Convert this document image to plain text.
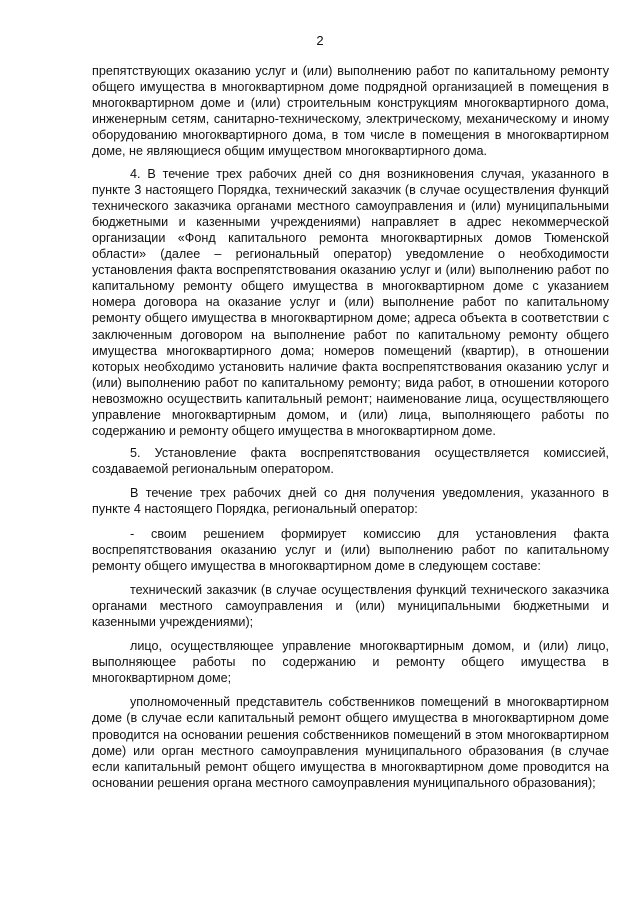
2

препятствующих оказанию услуг и (или) выполнению работ по капитальному ремонту общего имущества в многоквартирном доме подрядной организацией в помещения в многоквартирном доме и (или) строительным конструкциям многоквартирного дома, инженерным сетям, санитарно-техническому, электрическому, механическому и иному оборудованию многоквартирного дома, в том числе в помещения в многоквартирном доме, не являющиеся общим имуществом многоквартирного дома.

4. В течение трех рабочих дней со дня возникновения случая, указанного в пункте 3 настоящего Порядка, технический заказчик (в случае осуществления функций технического заказчика органами местного самоуправления и (или) муниципальными бюджетными и казенными учреждениями) направляет в адрес некоммерческой организации «Фонд капитального ремонта многоквартирных домов Тюменской области» (далее – региональный оператор) уведомление о необходимости установления факта воспрепятствования оказанию услуг и (или) выполнению работ по капитальному ремонту общего имущества в многоквартирном доме с указанием номера договора на оказание услуг и (или) выполнение работ по капитальному ремонту общего имущества в многоквартирном доме; адреса объекта в соответствии с заключенным договором на выполнение работ по капитальному ремонту общего имущества многоквартирного дома; номеров помещений (квартир), в отношении которых необходимо установить наличие факта воспрепятствования оказанию услуг и (или) выполнению работ по капитальному ремонту; вида работ, в отношении которого невозможно осуществить капитальный ремонт; наименование лица, осуществляющего управление многоквартирным домом, и (или) лица, выполняющего работы по содержанию и ремонту общего имущества в многоквартирном доме.

5. Установление факта воспрепятствования осуществляется комиссией, создаваемой региональным оператором.

В течение трех рабочих дней со дня получения уведомления, указанного в пункте 4 настоящего Порядка, региональный оператор:

- своим решением формирует комиссию для установления факта воспрепятствования оказанию услуг и (или) выполнению работ по капитальному ремонту общего имущества в многоквартирном доме в следующем составе:

технический заказчик (в случае осуществления функций технического заказчика органами местного самоуправления и (или) муниципальными бюджетными и казенными учреждениями);

лицо, осуществляющее управление многоквартирным домом, и (или) лицо, выполняющее работы по содержанию и ремонту общего имущества в многоквартирном доме;

уполномоченный представитель собственников помещений в многоквартирном доме (в случае если капитальный ремонт общего имущества в многоквартирном доме проводится на основании решения собственников помещений в этом многоквартирном доме) или орган местного самоуправления муниципального образования (в случае если капитальный ремонт общего имущества в многоквартирном доме проводится на основании решения органа местного самоуправления муниципального образования);
